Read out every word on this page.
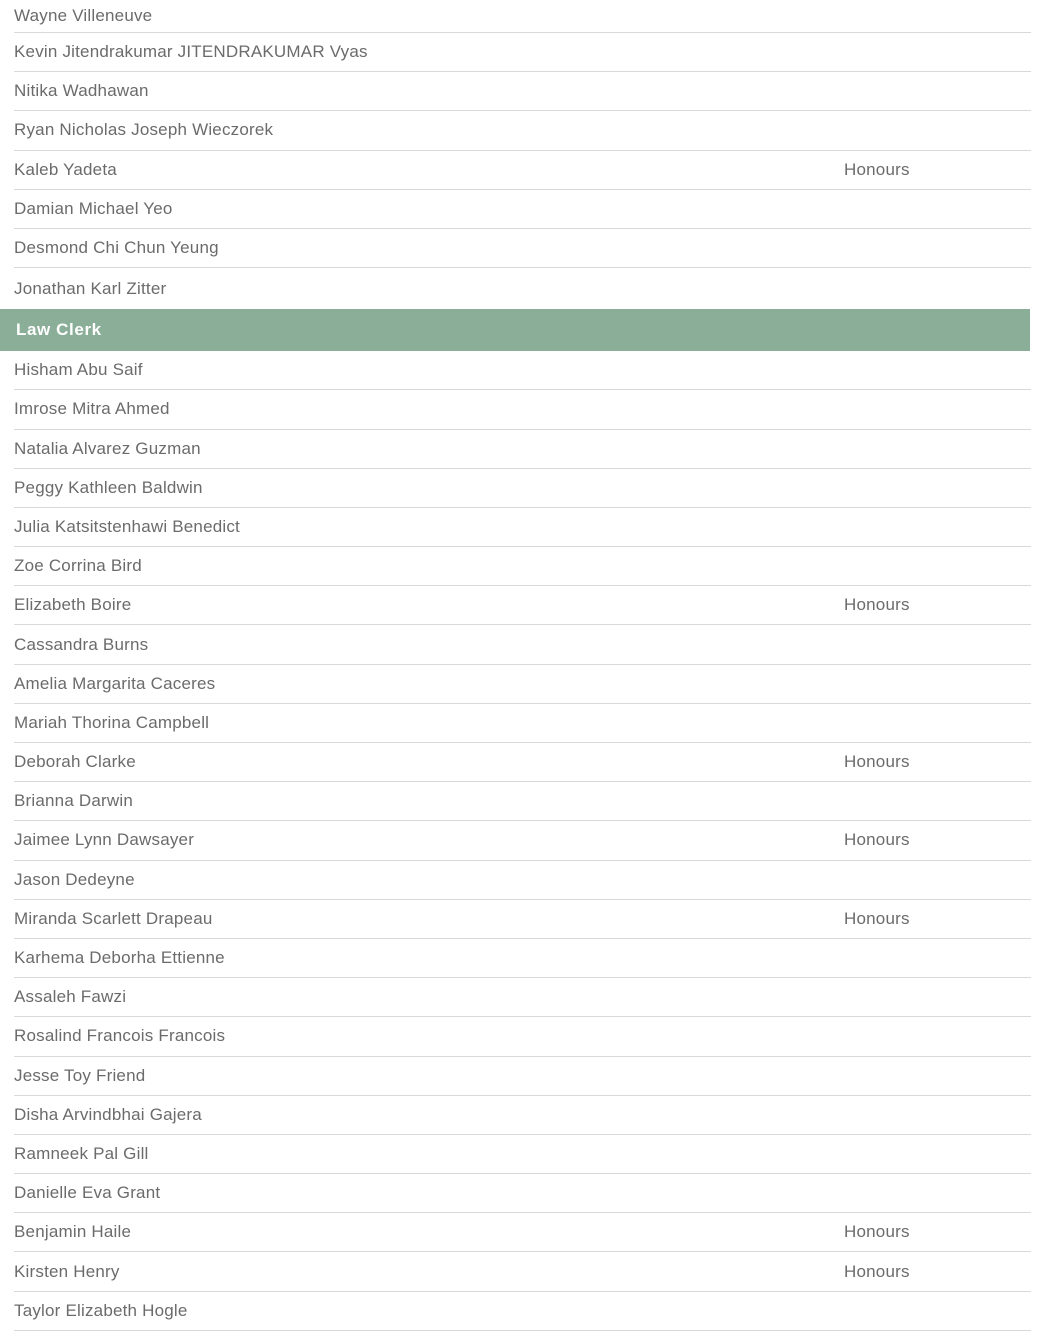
Wayne Villeneuve
Kevin Jitendrakumar JITENDRAKUMAR Vyas
Nitika Wadhawan
Ryan Nicholas Joseph Wieczorek
Kaleb Yadeta	Honours
Damian Michael Yeo
Desmond Chi Chun Yeung
Jonathan Karl Zitter
Law Clerk
Hisham Abu Saif
Imrose Mitra Ahmed
Natalia Alvarez Guzman
Peggy Kathleen Baldwin
Julia Katsitstenhawi Benedict
Zoe Corrina Bird
Elizabeth Boire	Honours
Cassandra Burns
Amelia Margarita Caceres
Mariah Thorina Campbell
Deborah Clarke	Honours
Brianna Darwin
Jaimee Lynn Dawsayer	Honours
Jason Dedeyne
Miranda Scarlett Drapeau	Honours
Karhema Deborha Ettienne
Assaleh Fawzi
Rosalind Francois Francois
Jesse Toy Friend
Disha Arvindbhai Gajera
Ramneek Pal Gill
Danielle Eva Grant
Benjamin Haile	Honours
Kirsten Henry	Honours
Taylor Elizabeth Hogle
